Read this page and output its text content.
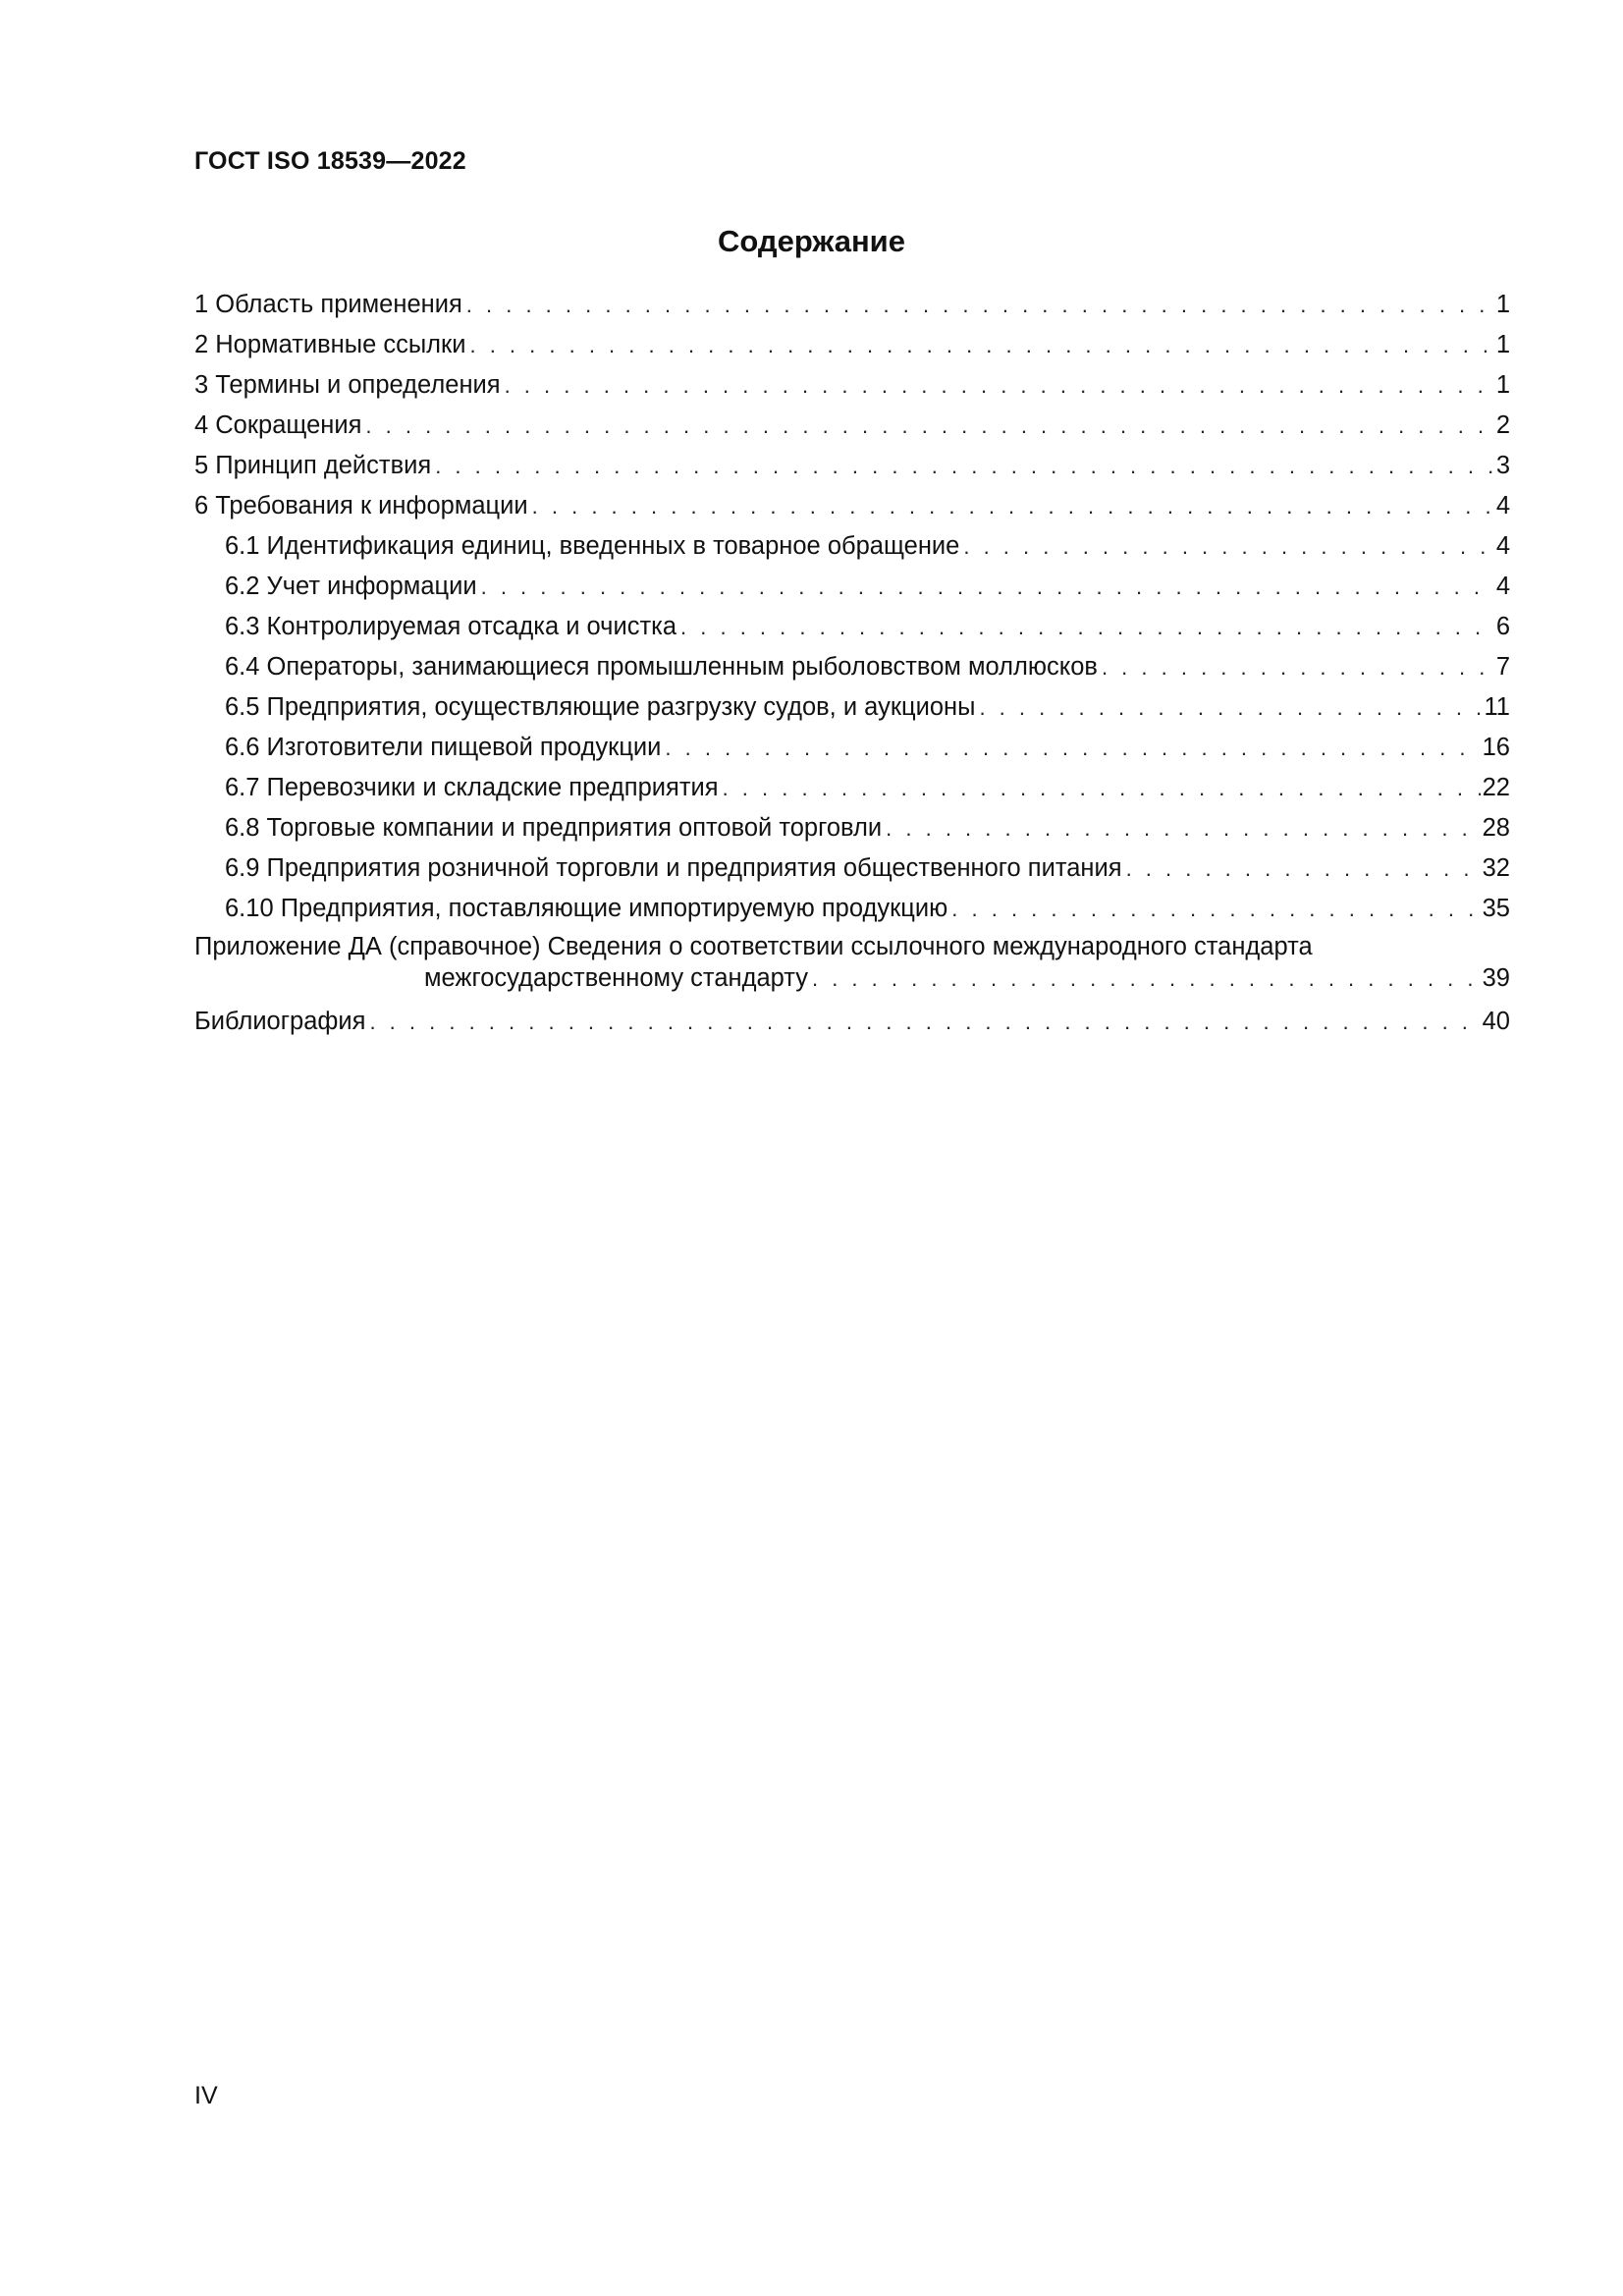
ГОСТ ISO 18539—2022
Содержание
1 Область применения . . .	1
2 Нормативные ссылки . . .	1
3 Термины и определения . . .	1
4 Сокращения . . .	2
5 Принцип действия . . .	3
6 Требования к информации . . .	4
6.1 Идентификация единиц, введенных в товарное обращение . . .	4
6.2 Учет информации . . .	4
6.3 Контролируемая отсадка и очистка . . .	6
6.4 Операторы, занимающиеся промышленным рыболовством моллюсков . . .	7
6.5 Предприятия, осуществляющие разгрузку судов, и аукционы . . .	11
6.6 Изготовители пищевой продукции . . .	16
6.7 Перевозчики и складские предприятия . . .	22
6.8 Торговые компании и предприятия оптовой торговли . . .	28
6.9 Предприятия розничной торговли и предприятия общественного питания . . .	32
6.10 Предприятия, поставляющие импортируемую продукцию . . .	35
Приложение ДА (справочное) Сведения о соответствии ссылочного международного стандарта
межгосударственному стандарту . . .	39
Библиография . . .	40
IV
